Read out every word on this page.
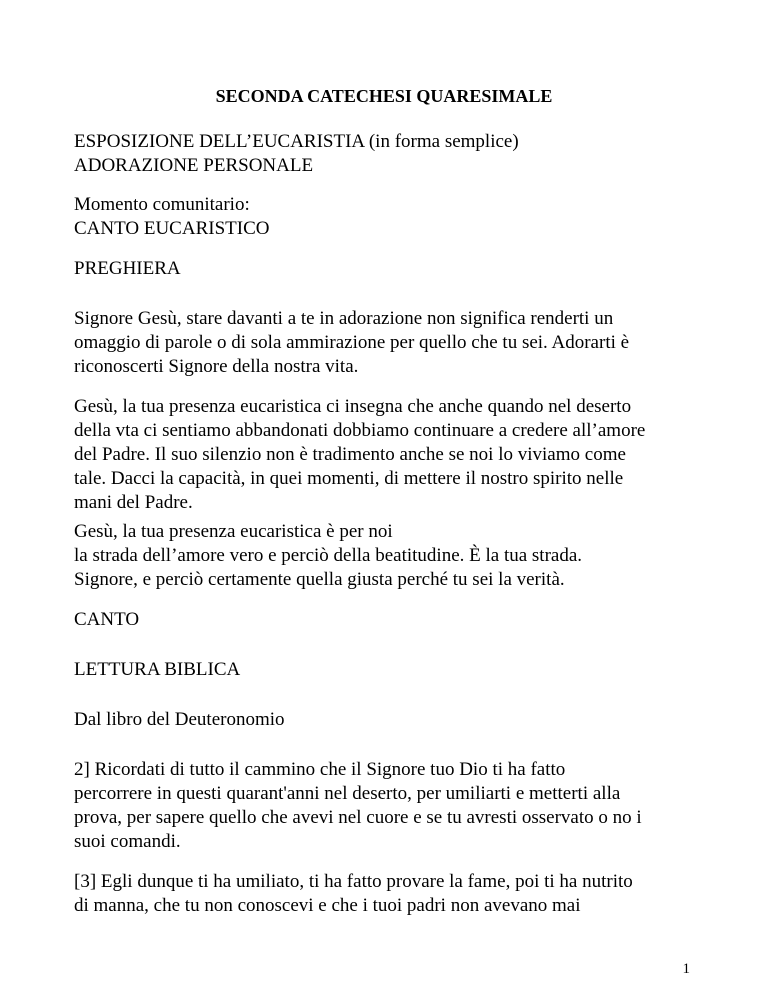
SECONDA CATECHESI QUARESIMALE
ESPOSIZIONE DELL’EUCARISTIA (in forma semplice)
ADORAZIONE PERSONALE
Momento comunitario:
CANTO EUCARISTICO
PREGHIERA
Signore Gesù, stare davanti a te in adorazione non significa renderti un
omaggio di parole o di sola ammirazione per quello che tu sei. Adorarti è
riconoscerti Signore della nostra vita.
Gesù, la tua presenza eucaristica ci insegna che anche quando nel deserto
della vta ci sentiamo abbandonati dobbiamo continuare a credere all’amore
del Padre. Il suo silenzio non è tradimento anche se noi lo viviamo come
tale. Dacci la capacità, in quei momenti, di mettere il nostro spirito nelle
mani del Padre.
Gesù, la tua presenza eucaristica è per noi
la strada dell’amore vero e perciò della beatitudine. È la tua strada.
Signore, e perciò certamente quella giusta perché tu sei la verità.
CANTO
LETTURA BIBLICA
Dal libro del Deuteronomio
2] Ricordati di tutto il cammino che il Signore tuo Dio ti ha fatto
percorrere in questi quarant'anni nel deserto, per umiliarti e metterti alla
prova, per sapere quello che avevi nel cuore e se tu avresti osservato o no i
suoi comandi.
[3] Egli dunque ti ha umiliato, ti ha fatto provare la fame, poi ti ha nutrito
di manna, che tu non conoscevi e che i tuoi padri non avevano mai
1
